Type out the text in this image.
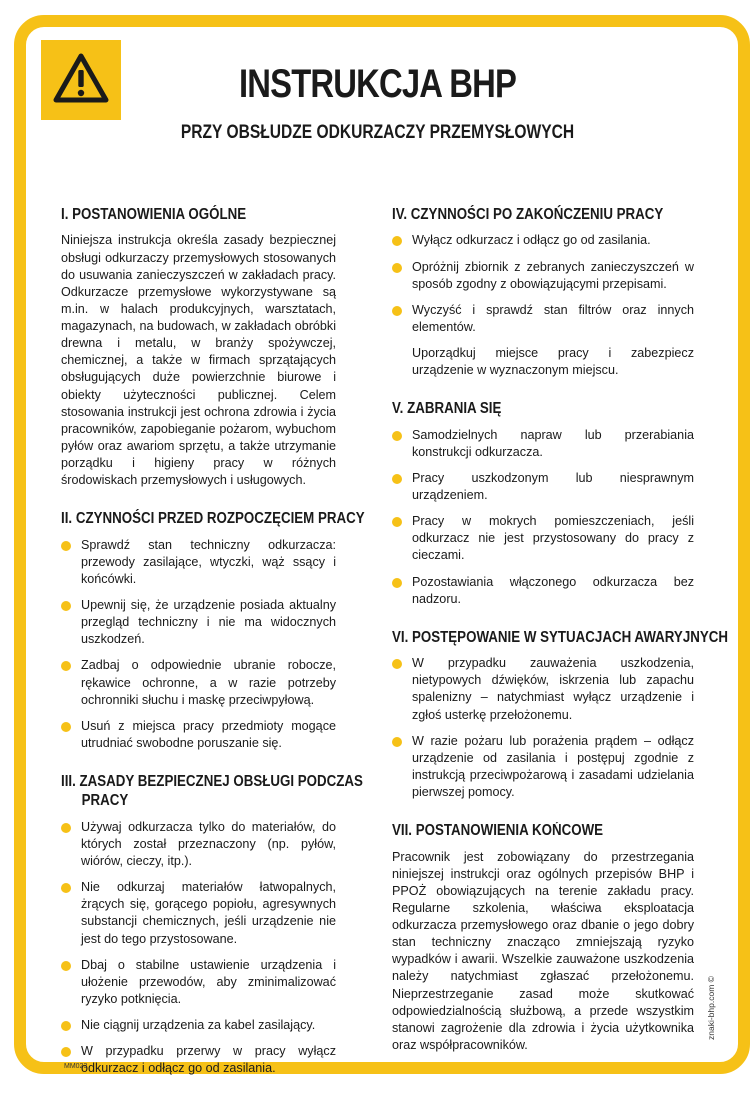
INSTRUKCJA BHP
PRZY OBSŁUDZE ODKURZACZY PRZEMYSŁOWYCH
I. POSTANOWIENIA OGÓLNE

Niniejsza instrukcja określa zasady bezpiecznej obsługi odkurzaczy przemysłowych stosowanych do usuwania zanieczyszczeń w zakładach pracy. Odkurzacze przemysłowe wykorzystywane są m.in. w halach produkcyjnych, warsztatach, magazynach, na budowach, w zakładach obróbki drewna i metalu, w branży spożywczej, chemicznej, a także w firmach sprzątających obsługujących duże powierzchnie biurowe i obiekty użyteczności publicznej. Celem stosowania instrukcji jest ochrona zdrowia i życia pracowników, zapobieganie pożarom, wybuchom pyłów oraz awariom sprzętu, a także utrzymanie porządku i higieny pracy w różnych środowiskach przemysłowych i usługowych.

II. CZYNNOŚCI PRZED ROZPOCZĘCIEM PRACY
Sprawdź stan techniczny odkurzacza: przewody zasilające, wtyczki, wąż ssący i końcówki.
Upewnij się, że urządzenie posiada aktualny przegląd techniczny i nie ma widocznych uszkodzeń.
Zadbaj o odpowiednie ubranie robocze, rękawice ochronne, a w razie potrzeby ochronniki słuchu i maskę przeciwpyłową.
Usuń z miejsca pracy przedmioty mogące utrudniać swobodne poruszanie się.
III. ZASADY BEZPIECZNEJ OBSŁUGI PODCZAS
PRACY
Używaj odkurzacza tylko do materiałów, do których został przeznaczony (np. pyłów, wiórów, cieczy, itp.).
Nie odkurzaj materiałów łatwopalnych, żrących się, gorącego popiołu, agresywnych substancji chemicznych, jeśli urządzenie nie jest do tego przystosowane.
Dbaj o stabilne ustawienie urządzenia i ułożenie przewodów, aby zminimalizować ryzyko potknięcia.
Nie ciągnij urządzenia za kabel zasilający.
W przypadku przerwy w pracy wyłącz odkurzacz i odłącz go od zasilania.
IV. CZYNNOŚCI PO ZAKOŃCZENIU PRACY
Wyłącz odkurzacz i odłącz go od zasilania.
Opróżnij zbiornik z zebranych zanieczyszczeń w sposób zgodny z obowiązującymi przepisami.
Wyczyść i sprawdź stan filtrów oraz innych elementów.

Uporządkuj miejsce pracy i zabezpiecz urządzenie w wyznaczonym miejscu.

V. ZABRANIA SIĘ
Samodzielnych napraw lub przerabiania konstrukcji odkurzacza.
Pracy uszkodzonym lub niesprawnym urządzeniem.
Pracy w mokrych pomieszczeniach, jeśli odkurzacz nie jest przystosowany do pracy z cieczami.
Pozostawiania włączonego odkurzacza bez nadzoru.
VI. POSTĘPOWANIE W SYTUACJACH AWARYJNYCH
W przypadku zauważenia uszkodzenia, nietypowych dźwięków, iskrzenia lub zapachu spalenizny – natychmiast wyłącz urządzenie i zgłoś usterkę przełożonemu.
W razie pożaru lub porażenia prądem – odłącz urządzenie od zasilania i postępuj zgodnie z instrukcją przeciwpożarową i zasadami udzielania pierwszej pomocy.
VII. POSTANOWIENIA KOŃCOWE

Pracownik jest zobowiązany do przestrzegania niniejszej instrukcji oraz ogólnych przepisów BHP i PPOŻ obowiązujących na terenie zakładu pracy. Regularne szkolenia, właściwa eksploatacja odkurzacza przemysłowego oraz dbanie o jego dobry stan techniczny znacząco zmniejszają ryzyko wypadków i awarii. Wszelkie zauważone uszkodzenia należy natychmiast zgłaszać przełożonemu. Nieprzestrzeganie zasad może skutkować odpowiedzialnością służbową, a przede wszystkim stanowi zagrożenie dla zdrowia i życia użytkownika oraz współpracowników.

MM023
znaki-bhp.com ©
